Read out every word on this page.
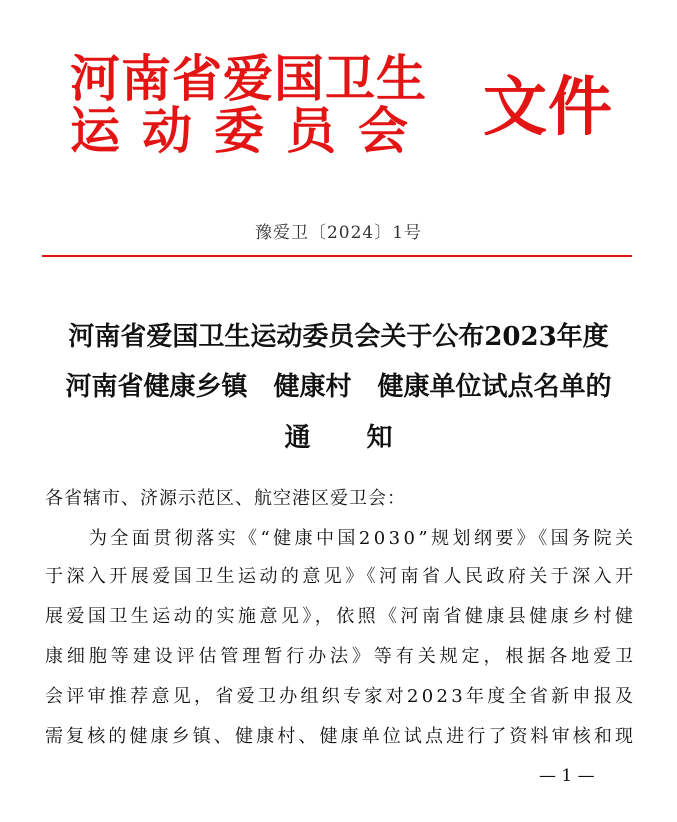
河南省爱国卫生
运动委员会 文件
豫爱卫〔2024〕1号
河南省爱国卫生运动委员会关于公布2023年度
河南省健康乡镇　健康村　健康单位试点名单的
通知
各省辖市、济源示范区、航空港区爱卫会：
为全面贯彻落实《“健康中国2030”规划纲要》《国务院关
于深入开展爱国卫生运动的意见》《河南省人民政府关于深入开
展爱国卫生运动的实施意见》，依照《河南省健康县健康乡村健
康细胞等建设评估管理暂行办法》等有关规定，根据各地爱卫
会评审推荐意见，省爱卫办组织专家对2023年度全省新申报及
需复核的健康乡镇、健康村、健康单位试点进行了资料审核和现
— 1 —
